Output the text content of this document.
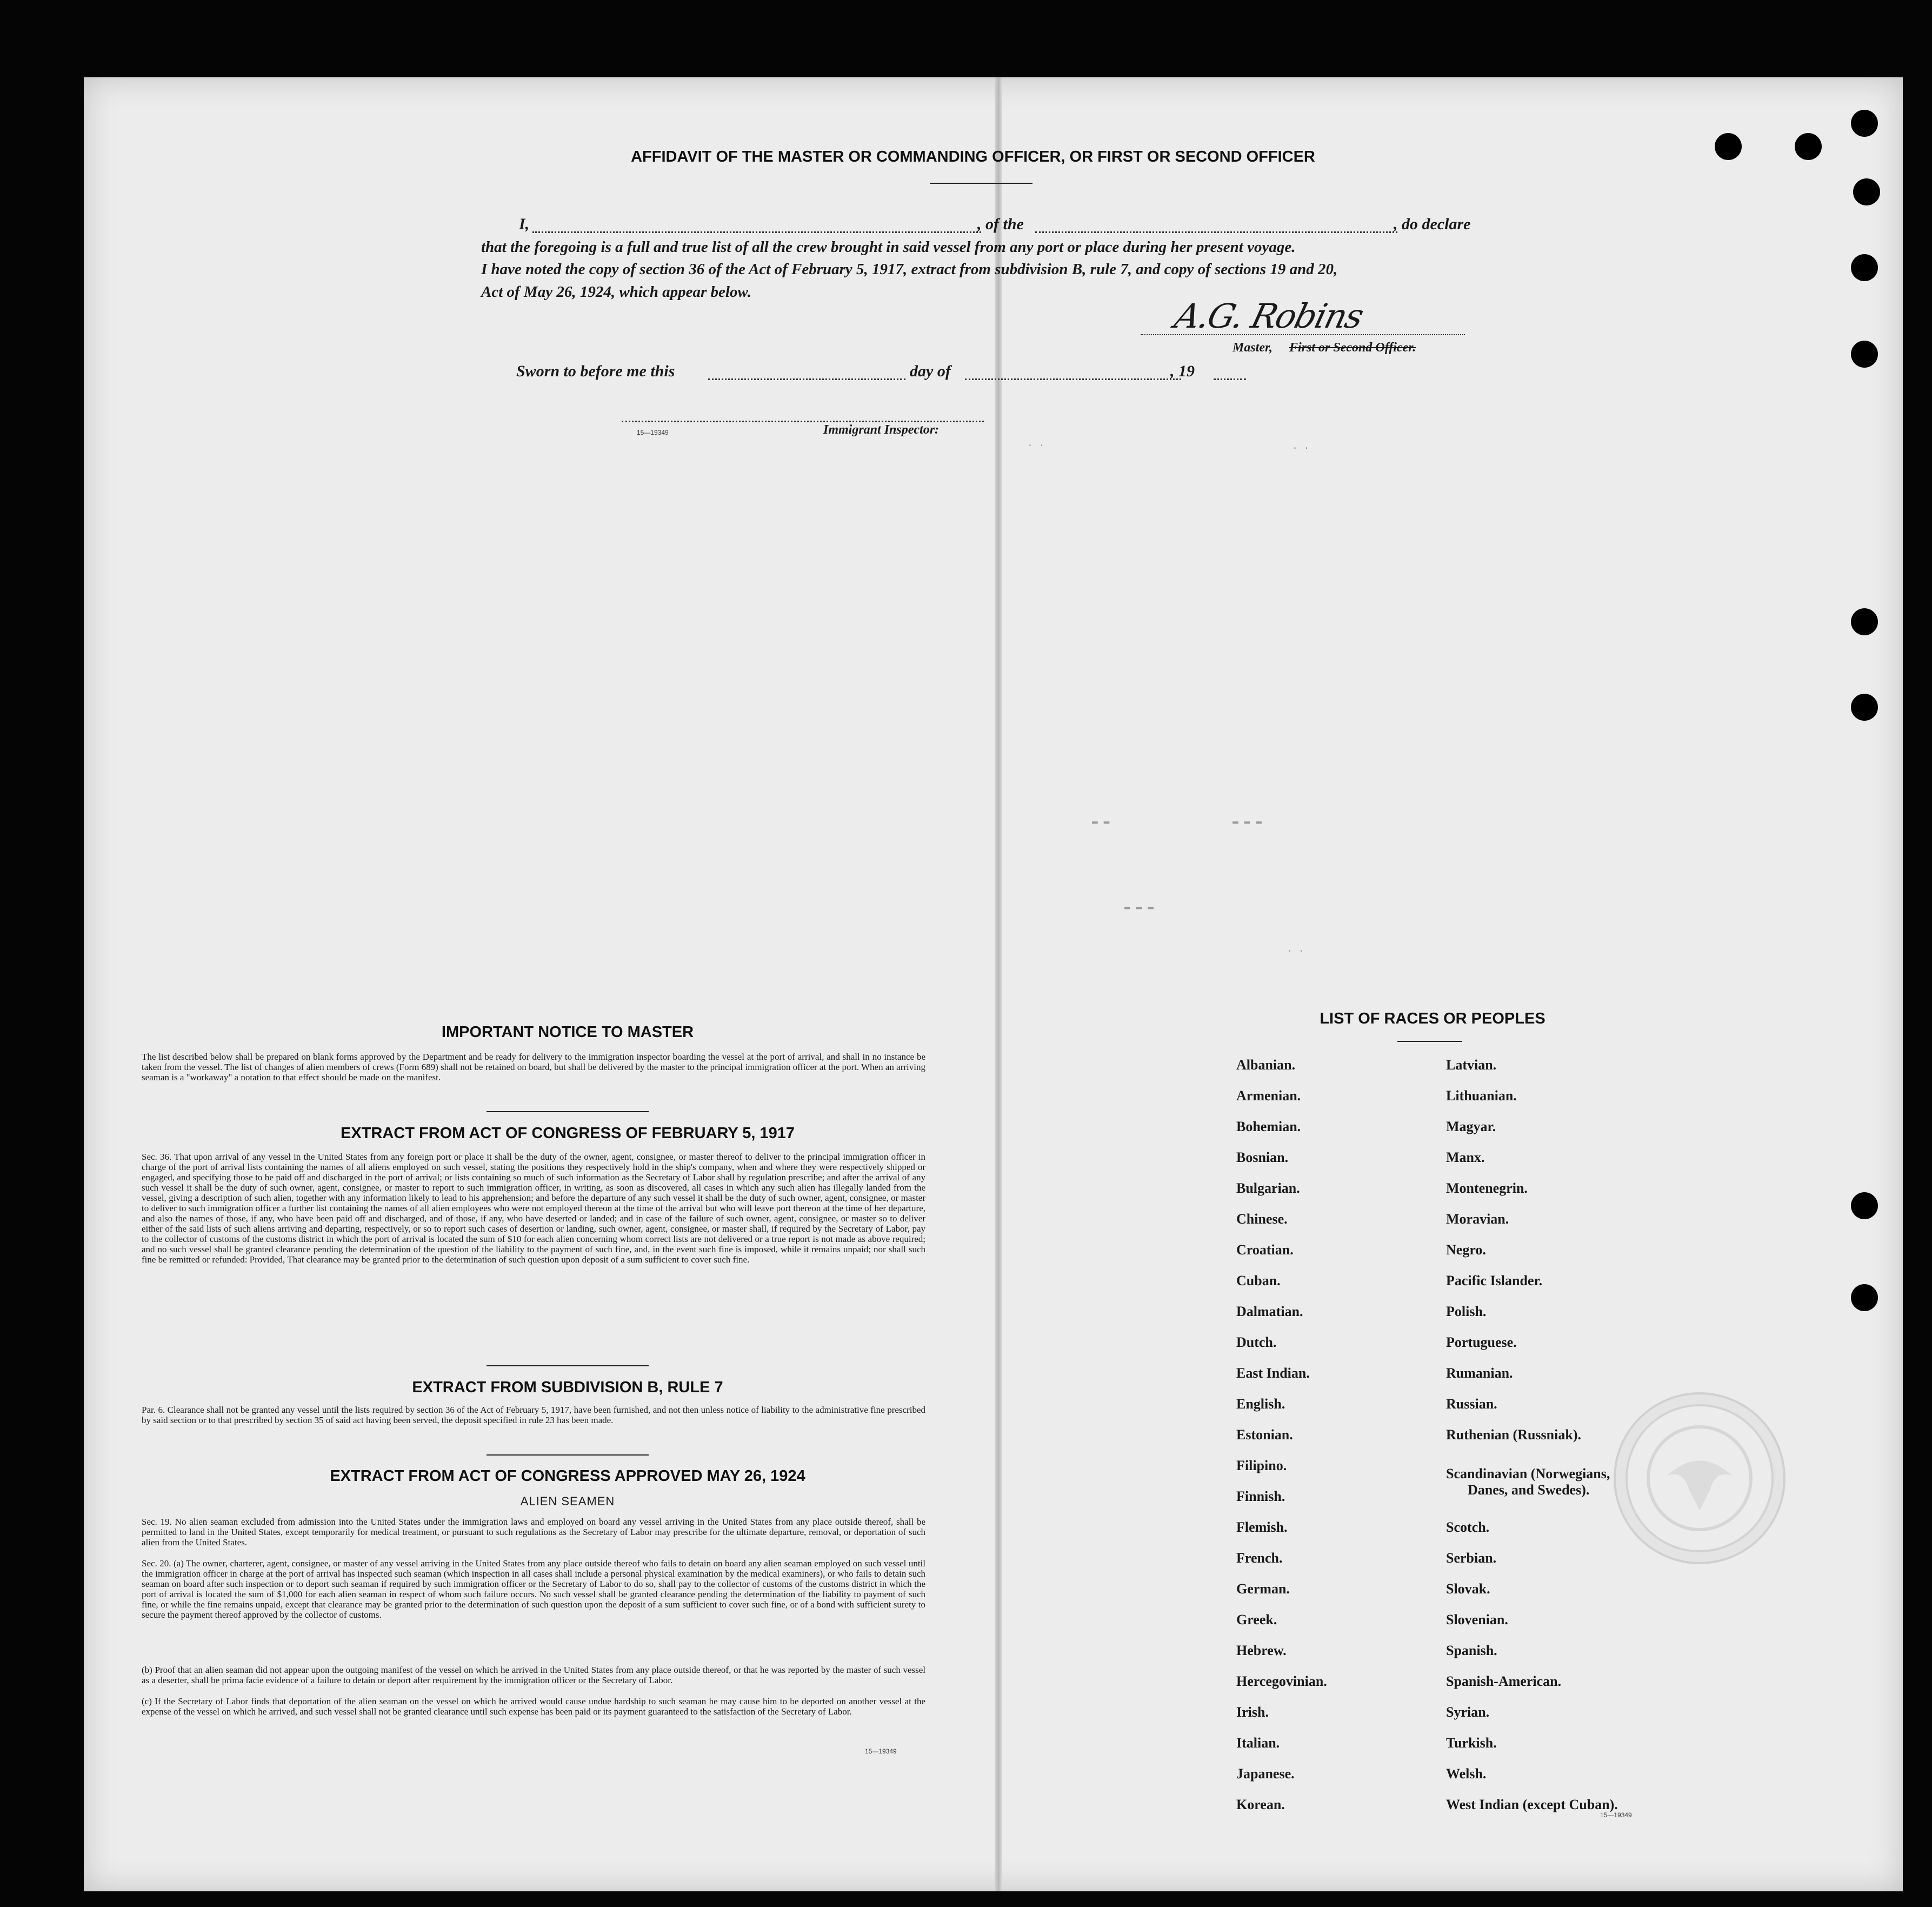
AFFIDAVIT OF THE MASTER OR COMMANDING OFFICER, OR FIRST OR SECOND OFFICER
I,	, of the	, do declare
that the foregoing is a full and true list of all the crew brought in said vessel from any port or place during her present voyage.
I have noted the copy of section 36 of the Act of February 5, 1917, extract from subdivision B, rule 7, and copy of sections 19 and 20,
Act of May 26, 1924, which appear below.
A.G. Robins
Master, First or Second Officer.
Sworn to before me this	day of	, 19
15—19349	Immigrant Inspector:
· ·	· ·
▬ ▬	▬ ▬ ▬
▬ ▬ ▬
· ·
IMPORTANT NOTICE TO MASTER
The list described below shall be prepared on blank forms approved by the Department and be ready for delivery to the immigration inspector boarding the vessel at the port of arrival, and shall in no instance be taken from the vessel. The list of changes of alien members of crews (Form 689) shall not be retained on board, but shall be delivered by the master to the principal immigration officer at the port. When an arriving seaman is a "workaway" a notation to that effect should be made on the manifest.
EXTRACT FROM ACT OF CONGRESS OF FEBRUARY 5, 1917
Sec. 36. That upon arrival of any vessel in the United States from any foreign port or place it shall be the duty of the owner, agent, consignee, or master thereof to deliver to the principal immigration officer in charge of the port of arrival lists containing the names of all aliens employed on such vessel, stating the positions they respectively hold in the ship's company, when and where they were respectively shipped or engaged, and specifying those to be paid off and discharged in the port of arrival; or lists containing so much of such information as the Secretary of Labor shall by regulation prescribe; and after the arrival of any such vessel it shall be the duty of such owner, agent, consignee, or master to report to such immigration officer, in writing, as soon as discovered, all cases in which any such alien has illegally landed from the vessel, giving a description of such alien, together with any information likely to lead to his apprehension; and before the departure of any such vessel it shall be the duty of such owner, agent, consignee, or master to deliver to such immigration officer a further list containing the names of all alien employees who were not employed thereon at the time of the arrival but who will leave port thereon at the time of her departure, and also the names of those, if any, who have been paid off and discharged, and of those, if any, who have deserted or landed; and in case of the failure of such owner, agent, consignee, or master so to deliver either of the said lists of such aliens arriving and departing, respectively, or so to report such cases of desertion or landing, such owner, agent, consignee, or master shall, if required by the Secretary of Labor, pay to the collector of customs of the customs district in which the port of arrival is located the sum of $10 for each alien concerning whom correct lists are not delivered or a true report is not made as above required; and no such vessel shall be granted clearance pending the determination of the question of the liability to the payment of such fine, and, in the event such fine is imposed, while it remains unpaid; nor shall such fine be remitted or refunded: Provided, That clearance may be granted prior to the determination of such question upon deposit of a sum sufficient to cover such fine.
EXTRACT FROM SUBDIVISION B, RULE 7
Par. 6. Clearance shall not be granted any vessel until the lists required by section 36 of the Act of February 5, 1917, have been furnished, and not then unless notice of liability to the administrative fine prescribed by said section or to that prescribed by section 35 of said act having been served, the deposit specified in rule 23 has been made.
EXTRACT FROM ACT OF CONGRESS APPROVED MAY 26, 1924
ALIEN SEAMEN
Sec. 19. No alien seaman excluded from admission into the United States under the immigration laws and employed on board any vessel arriving in the United States from any place outside thereof, shall be permitted to land in the United States, except temporarily for medical treatment, or pursuant to such regulations as the Secretary of Labor may prescribe for the ultimate departure, removal, or deportation of such alien from the United States.
Sec. 20. (a) The owner, charterer, agent, consignee, or master of any vessel arriving in the United States from any place outside thereof who fails to detain on board any alien seaman employed on such vessel until the immigration officer in charge at the port of arrival has inspected such seaman (which inspection in all cases shall include a personal physical examination by the medical examiners), or who fails to detain such seaman on board after such inspection or to deport such seaman if required by such immigration officer or the Secretary of Labor to do so, shall pay to the collector of customs of the customs district in which the port of arrival is located the sum of $1,000 for each alien seaman in respect of whom such failure occurs. No such vessel shall be granted clearance pending the determination of the liability to payment of such fine, or while the fine remains unpaid, except that clearance may be granted prior to the determination of such question upon the deposit of a sum sufficient to cover such fine, or of a bond with sufficient surety to secure the payment thereof approved by the collector of customs.
(b) Proof that an alien seaman did not appear upon the outgoing manifest of the vessel on which he arrived in the United States from any place outside thereof, or that he was reported by the master of such vessel as a deserter, shall be prima facie evidence of a failure to detain or deport after requirement by the immigration officer or the Secretary of Labor.
(c) If the Secretary of Labor finds that deportation of the alien seaman on the vessel on which he arrived would cause undue hardship to such seaman he may cause him to be deported on another vessel at the expense of the vessel on which he arrived, and such vessel shall not be granted clearance until such expense has been paid or its payment guaranteed to the satisfaction of the Secretary of Labor.
15—19349
LIST OF RACES OR PEOPLES
Albanian.
Armenian.
Bohemian.
Bosnian.
Bulgarian.
Chinese.
Croatian.
Cuban.
Dalmatian.
Dutch.
East Indian.
English.
Estonian.
Filipino.
Finnish.
Flemish.
French.
German.
Greek.
Hebrew.
Hercegovinian.
Irish.
Italian.
Japanese.
Korean.
Latvian.
Lithuanian.
Magyar.
Manx.
Montenegrin.
Moravian.
Negro.
Pacific Islander.
Polish.
Portuguese.
Rumanian.
Russian.
Ruthenian (Russniak).
Scandinavian (Norwegians,
Danes, and Swedes).
Scotch.
Serbian.
Slovak.
Slovenian.
Spanish.
Spanish-American.
Syrian.
Turkish.
Welsh.
West Indian (except Cuban).
15—19349
